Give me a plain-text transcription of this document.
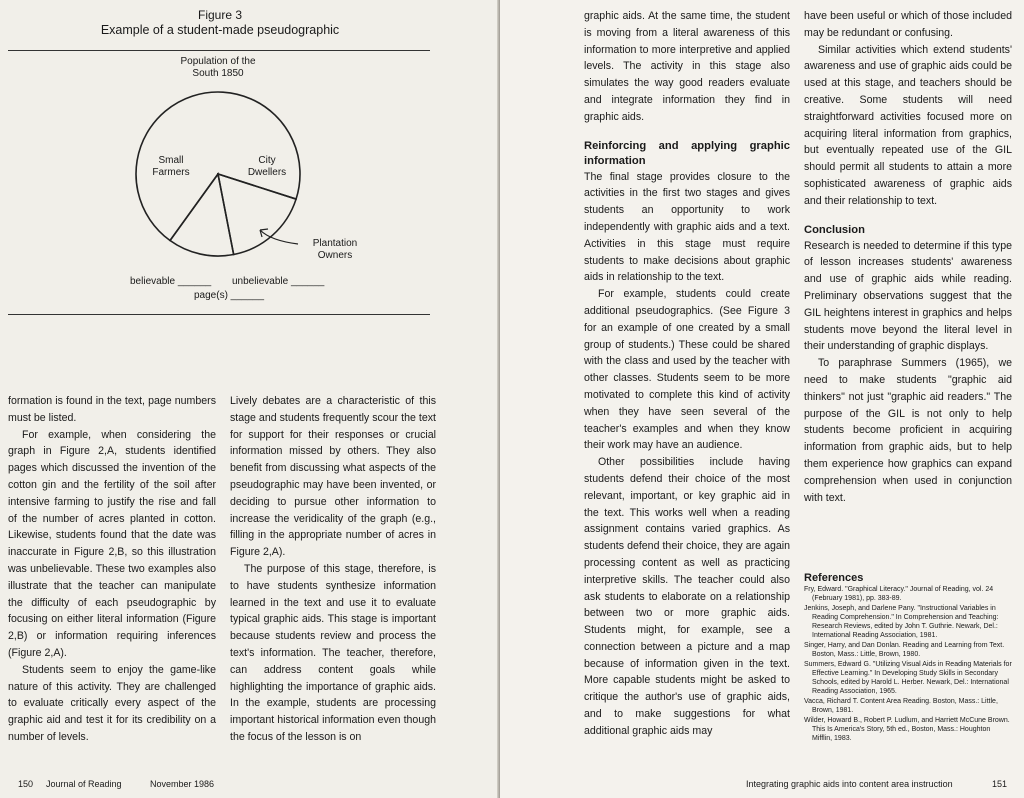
Figure 3
Example of a student-made pseudographic
Population of the
South 1850
Small
Farmers
City
Dwellers
Plantation
Owners
believable ______ unbelievable ______
page(s) ______

formation is found in the text, page numbers must be listed.

For example, when considering the graph in Figure 2,A, students identified pages which discussed the invention of the cotton gin and the fertility of the soil after intensive farming to justify the rise and fall of the number of acres planted in cotton. Likewise, students found that the date was inaccurate in Figure 2,B, so this illustration was unbelievable. These two examples also illustrate that the teacher can manipulate the difficulty of each pseudographic by focusing on either literal information (Figure 2,B) or information requiring inferences (Figure 2,A).

Students seem to enjoy the game-like nature of this activity. They are challenged to evaluate critically every aspect of the graphic aid and test it for its credibility on a number of levels.

Lively debates are a characteristic of this stage and students frequently scour the text for support for their responses or crucial information missed by others. They also benefit from discussing what aspects of the pseudographic may have been invented, or deciding to pursue other information to increase the veridicality of the graph (e.g., filling in the appropriate number of acres in Figure 2,A).

The purpose of this stage, therefore, is to have students synthesize information learned in the text and use it to evaluate typical graphic aids. This stage is important because students review and process the text's information. The teacher, therefore, can address content goals while highlighting the importance of graphic aids. In the example, students are processing important historical information even though the focus of the lesson is on

150 Journal of Reading	November 1986

graphic aids. At the same time, the student is moving from a literal awareness of this information to more interpretive and applied levels. The activity in this stage also simulates the way good readers evaluate and integrate information they find in graphic aids.

Reinforcing and applying graphic information

The final stage provides closure to the activities in the first two stages and gives students an opportunity to work independently with graphic aids and a text. Activities in this stage must require students to make decisions about graphic aids in relationship to the text.

For example, students could create additional pseudographics. (See Figure 3 for an example of one created by a small group of students.) These could be shared with the class and used by the teacher with other classes. Students seem to be more motivated to complete this kind of activity when they have seen several of the teacher's examples and when they know their work may have an audience.

Other possibilities include having students defend their choice of the most relevant, important, or key graphic aid in the text. This works well when a reading assignment contains varied graphics. As students defend their choice, they are again processing content as well as practicing interpretive skills. The teacher could also ask students to elaborate on a relationship between two or more graphic aids. Students might, for example, see a connection between a picture and a map because of information given in the text. More capable students might be asked to critique the author's use of graphic aids, and to make suggestions for what additional graphic aids may

have been useful or which of those included may be redundant or confusing.

Similar activities which extend students' awareness and use of graphic aids could be used at this stage, and teachers should be creative. Some students will need straightforward activities focused more on acquiring literal information from graphics, but eventually repeated use of the GIL should permit all students to attain a more sophisticated awareness of graphic aids and their relationship to text.

Conclusion

Research is needed to determine if this type of lesson increases students' awareness and use of graphic aids while reading. Preliminary observations suggest that the GIL heightens interest in graphics and helps students move beyond the literal level in their understanding of graphic displays.

To paraphrase Summers (1965), we need to make students "graphic aid thinkers" not just "graphic aid readers." The purpose of the GIL is not only to help students become proficient in acquiring information from graphic aids, but to help them experience how graphics can expand comprehension when used in conjunction with text.

References
Fry, Edward. "Graphical Literacy." Journal of Reading, vol. 24 (February 1981), pp. 383-89.
Jenkins, Joseph, and Darlene Pany. "Instructional Variables in Reading Comprehension." In Comprehension and Teaching: Research Reviews, edited by John T. Guthrie. Newark, Del.: International Reading Association, 1981.
Singer, Harry, and Dan Donlan. Reading and Learning from Text. Boston, Mass.: Little, Brown, 1980.
Summers, Edward G. "Utilizing Visual Aids in Reading Materials for Effective Learning." In Developing Study Skills in Secondary Schools, edited by Harold L. Herber. Newark, Del.: International Reading Association, 1965.
Vacca, Richard T. Content Area Reading. Boston, Mass.: Little, Brown, 1981.
Wilder, Howard B., Robert P. Ludlum, and Harriett McCune Brown. This Is America's Story, 5th ed., Boston, Mass.: Houghton Mifflin, 1983.
Integrating graphic aids into content area instruction	151
